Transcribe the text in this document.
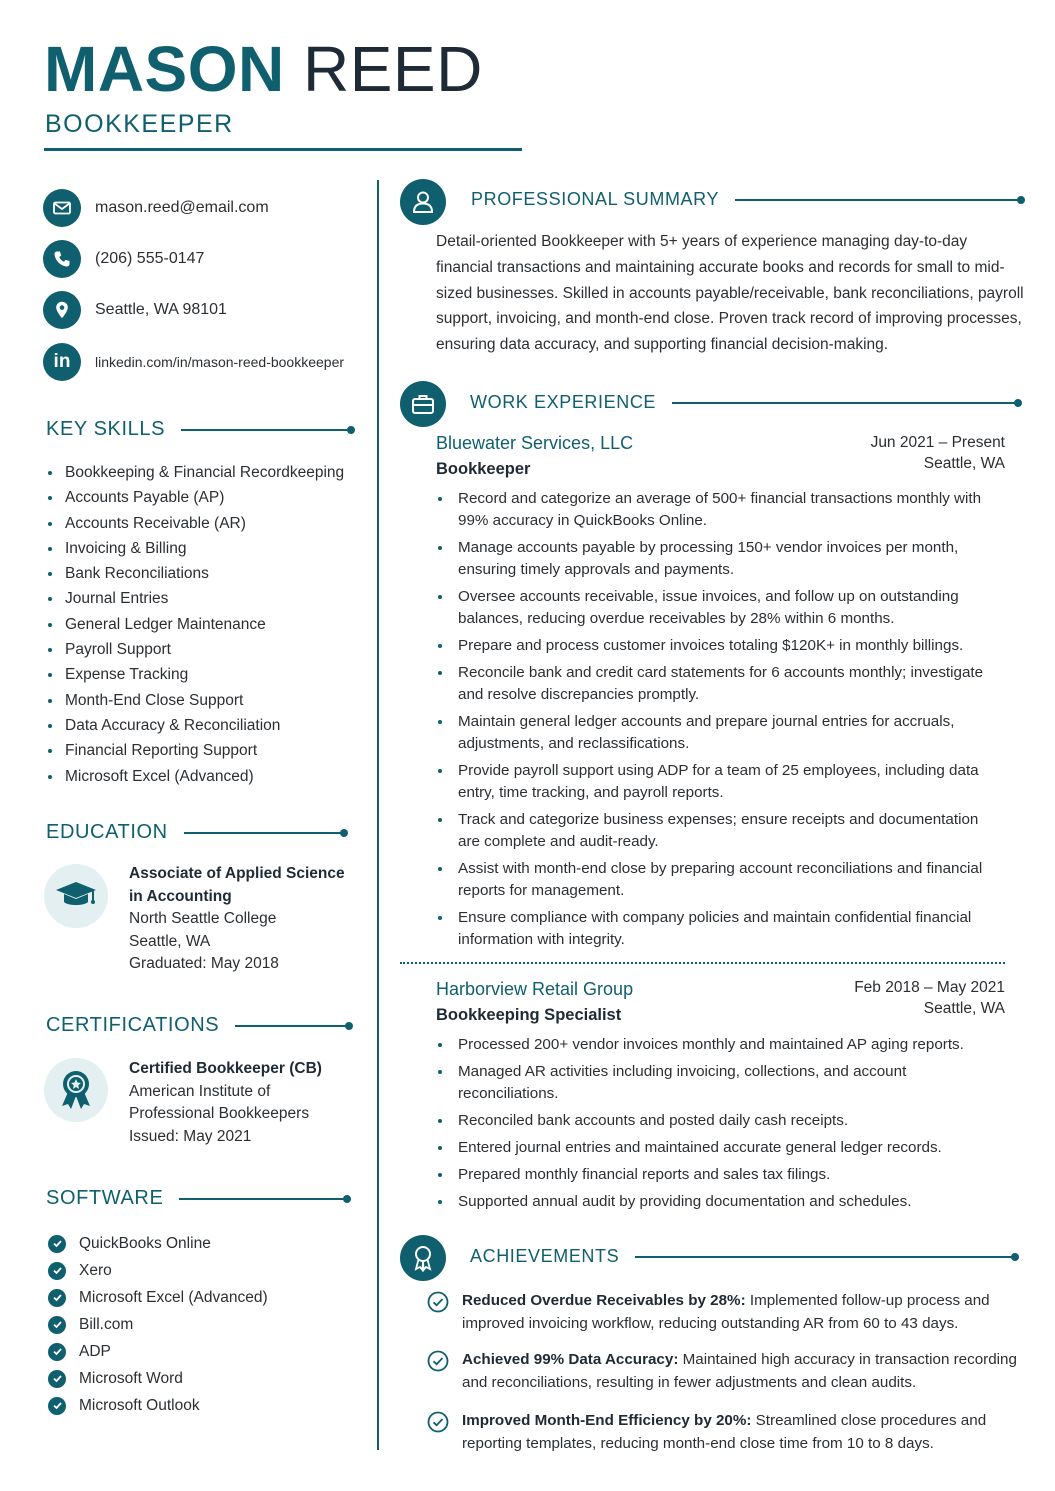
MASON REED
BOOKKEEPER
mason.reed@email.com
(206) 555-0147
Seattle, WA 98101
in linkedin.com/in/mason-reed-bookkeeper
KEY SKILLS
Bookkeeping & Financial Recordkeeping
Accounts Payable (AP)
Accounts Receivable (AR)
Invoicing & Billing
Bank Reconciliations
Journal Entries
General Ledger Maintenance
Payroll Support
Expense Tracking
Month-End Close Support
Data Accuracy & Reconciliation
Financial Reporting Support
Microsoft Excel (Advanced)
EDUCATION
Associate of Applied Science
in Accounting
North Seattle College
Seattle, WA
Graduated: May 2018
CERTIFICATIONS
Certified Bookkeeper (CB)
American Institute of
Professional Bookkeepers
Issued: May 2021
SOFTWARE
QuickBooks Online
Xero
Microsoft Excel (Advanced)
Bill.com
ADP
Microsoft Word
Microsoft Outlook
PROFESSIONAL SUMMARY
Detail-oriented Bookkeeper with 5+ years of experience managing day-to-day financial transactions and maintaining accurate books and records for small to mid-sized businesses. Skilled in accounts payable/receivable, bank reconciliations, payroll support, invoicing, and month-end close. Proven track record of improving processes, ensuring data accuracy, and supporting financial decision-making.
WORK EXPERIENCE
Bluewater Services, LLC
Bookkeeper
Jun 2021 – Present
Seattle, WA
Record and categorize an average of 500+ financial transactions monthly with 99% accuracy in QuickBooks Online.
Manage accounts payable by processing 150+ vendor invoices per month, ensuring timely approvals and payments.
Oversee accounts receivable, issue invoices, and follow up on outstanding balances, reducing overdue receivables by 28% within 6 months.
Prepare and process customer invoices totaling $120K+ in monthly billings.
Reconcile bank and credit card statements for 6 accounts monthly; investigate and resolve discrepancies promptly.
Maintain general ledger accounts and prepare journal entries for accruals, adjustments, and reclassifications.
Provide payroll support using ADP for a team of 25 employees, including data entry, time tracking, and payroll reports.
Track and categorize business expenses; ensure receipts and documentation are complete and audit-ready.
Assist with month-end close by preparing account reconciliations and financial reports for management.
Ensure compliance with company policies and maintain confidential financial information with integrity.
Harborview Retail Group
Bookkeeping Specialist
Feb 2018 – May 2021
Seattle, WA
Processed 200+ vendor invoices monthly and maintained AP aging reports.
Managed AR activities including invoicing, collections, and account reconciliations.
Reconciled bank accounts and posted daily cash receipts.
Entered journal entries and maintained accurate general ledger records.
Prepared monthly financial reports and sales tax filings.
Supported annual audit by providing documentation and schedules.
ACHIEVEMENTS
Reduced Overdue Receivables by 28%: Implemented follow-up process and improved invoicing workflow, reducing outstanding AR from 60 to 43 days.
Achieved 99% Data Accuracy: Maintained high accuracy in transaction recording and reconciliations, resulting in fewer adjustments and clean audits.
Improved Month-End Efficiency by 20%: Streamlined close procedures and reporting templates, reducing month-end close time from 10 to 8 days.
